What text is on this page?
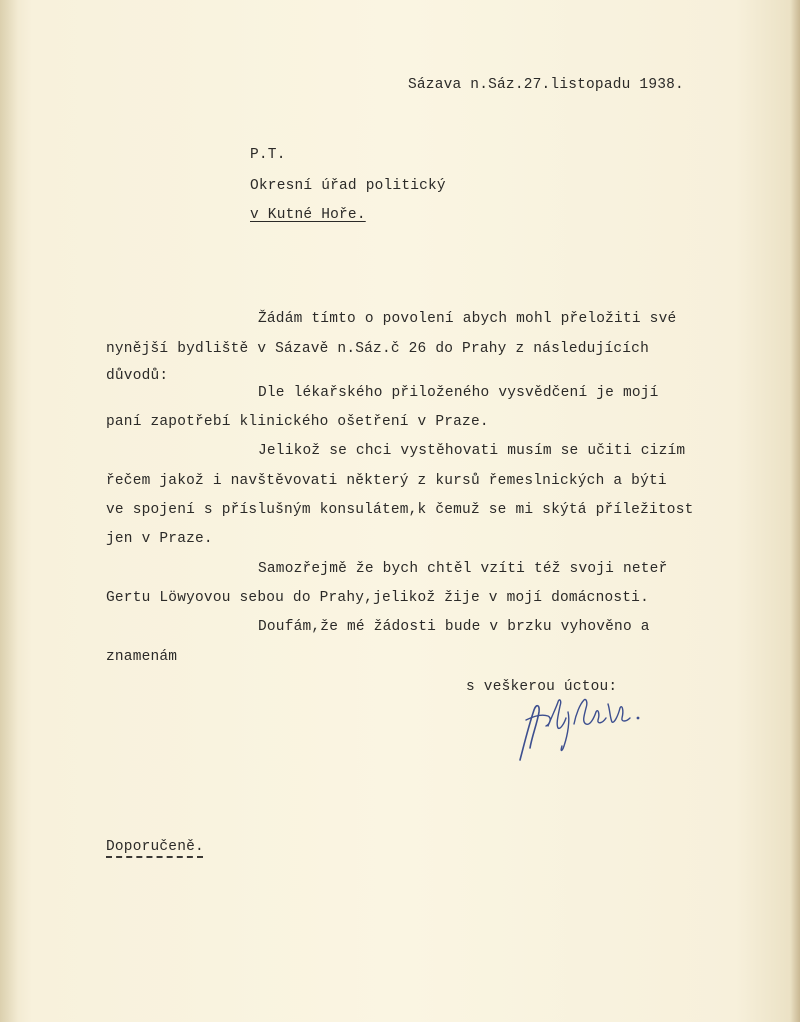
Sázava n.Sáz.27.listopadu 1938.

P.T.

Okresní úřad politický

v Kutné Hoře.

Žádám tímto o povolení abych mohl přeložiti své

nynější bydliště v Sázavě n.Sáz.č 26 do Prahy z následujících

důvodů:

Dle lékařského přiloženého vysvědčení je mojí

paní zapotřebí klinického ošetření v Praze.

Jelikož se chci vystěhovati musím se učiti cizím

řečem jakož i navštěvovati některý z kursů řemeslnických a býti

ve spojení s příslušným konsulátem,k čemuž se mi skýtá příležitost

jen v Praze.

Samozřejmě že bych chtěl vzíti též svoji neteř

Gertu Löwyovou sebou do Prahy,jelikož žije v mojí domácnosti.

Doufám,že mé žádosti bude v brzku vyhověno a

znamenám

s veškerou úctou:

Doporučeně.
